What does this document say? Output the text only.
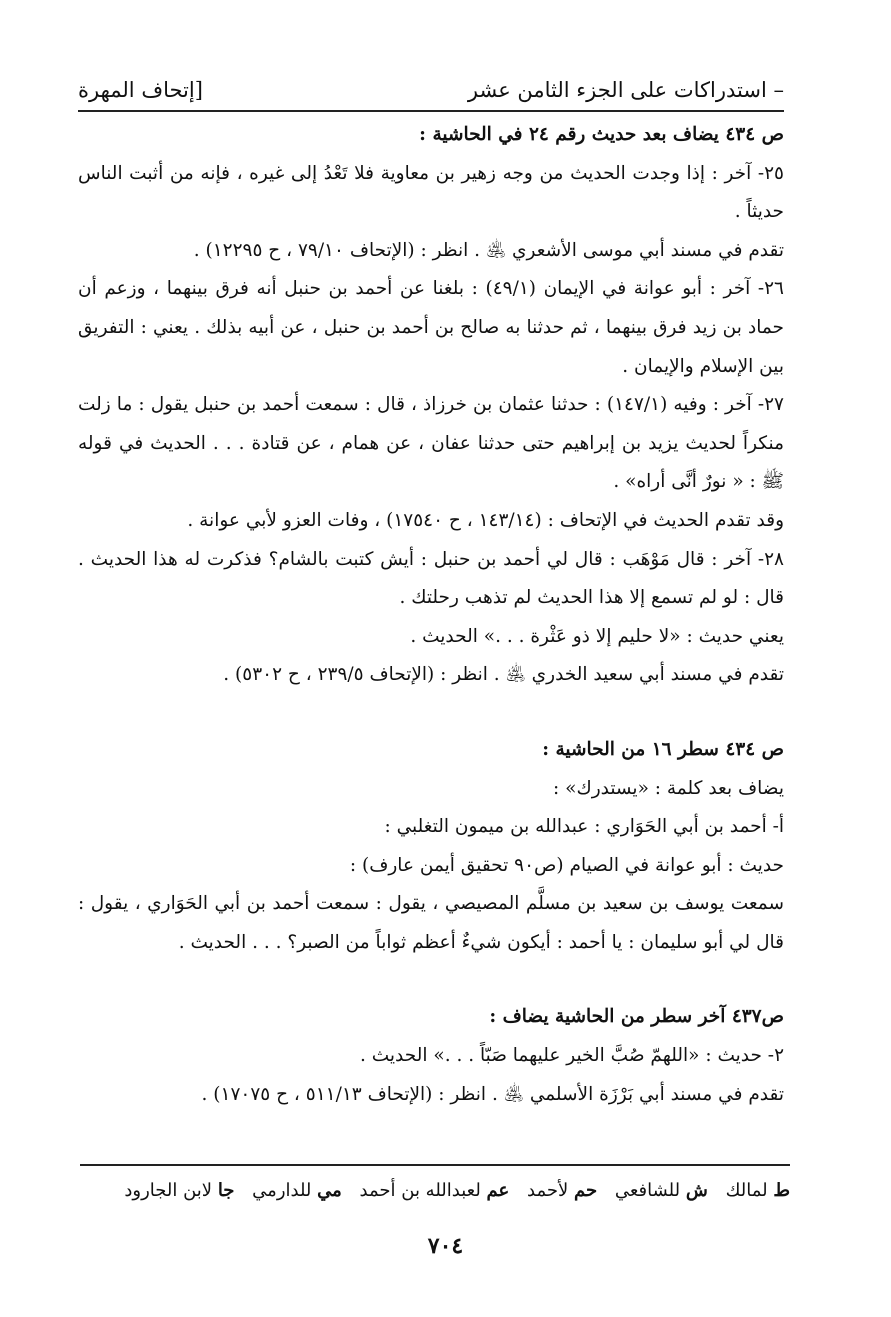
– استدراكات على الجزء الثامن عشر
[إتحاف المهرة

ص ٤٣٤ يضاف بعد حديث رقم ٢٤ في الحاشية :

٢٥- آخر : إذا وجدت الحديث من وجه زهير بن معاوية فلا تَعْدُ إلى غيره ، فإنه من أثبت الناس حديثاً .

تقدم في مسند أبي موسى الأشعري ﵁ . انظر : (الإتحاف ٧٩/١٠ ، ح ١٢٢٩٥) .

٢٦- آخر : أبو عوانة في الإيمان (٤٩/١) : بلغنا عن أحمد بن حنبل أنه فرق بينهما ، وزعم أن حماد بن زيد فرق بينهما ، ثم حدثنا به صالح بن أحمد بن حنبل ، عن أبيه بذلك . يعني : التفريق بين الإسلام والإيمان .

٢٧- آخر : وفيه (١٤٧/١) : حدثنا عثمان بن خرزاذ ، قال : سمعت أحمد بن حنبل يقول : ما زلت منكراً لحديث يزيد بن إبراهيم حتى حدثنا عفان ، عن همام ، عن قتادة . . . الحديث في قوله ﷺ : « نورٌ أنَّى أراه» .

وقد تقدم الحديث في الإتحاف : (١٤٣/١٤ ، ح ١٧٥٤٠) ، وفات العزو لأبي عوانة .

٢٨- آخر : قال مَوْهَب : قال لي أحمد بن حنبل : أيش كتبت بالشام؟ فذكرت له هذا الحديث . قال : لو لم تسمع إلا هذا الحديث لم تذهب رحلتك .

يعني حديث : «لا حليم إلا ذو عَثْرة . . .» الحديث .

تقدم في مسند أبي سعيد الخدري ﵁ . انظر : (الإتحاف ٢٣٩/٥ ، ح ٥٣٠٢) .

ص ٤٣٤ سطر ١٦ من الحاشية :

يضاف بعد كلمة : «يستدرك» :

أ- أحمد بن أبي الحَوَاري : عبدالله بن ميمون التغلبي :

حديث : أبو عوانة في الصيام (ص٩٠ تحقيق أيمن عارف) :

سمعت يوسف بن سعيد بن مسلَّم المصيصي ، يقول : سمعت أحمد بن أبي الحَوَاري ، يقول : قال لي أبو سليمان : يا أحمد : أيكون شيءٌ أعظم ثواباً من الصبر؟ . . . الحديث .

ص٤٣٧ آخر سطر من الحاشية يضاف :

٢- حديث : «اللهمّ صُبَّ الخير عليهما صَبّاً . . .» الحديث .

تقدم في مسند أبي بَرْزَة الأسلمي ﵁ . انظر : (الإتحاف ٥١١/١٣ ، ح ١٧٠٧٥) .

ط لمالك ش للشافعي حم لأحمد عم لعبدالله بن أحمد مي للدارمي جا لابن الجارود
٧٠٤
